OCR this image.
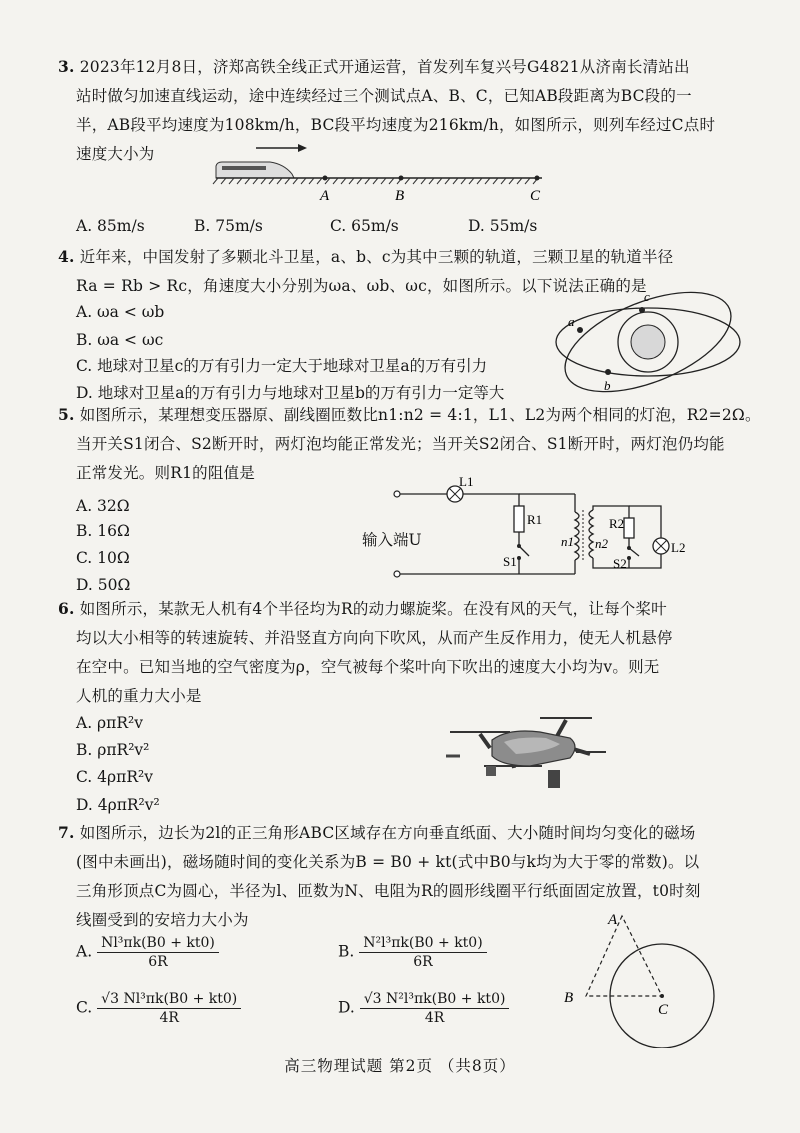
3. 2023年12月8日，济郑高铁全线正式开通运营，首发列车复兴号G4821从济南长清站出
站时做匀加速直线运动，途中连续经过三个测试点A、B、C，已知AB段距离为BC段的一
半，AB段平均速度为108km/h，BC段平均速度为216km/h，如图所示，则列车经过C点时
速度大小为
A	B	C
A. 85m/s	B. 75m/s	C. 65m/s	D. 55m/s
4. 近年来，中国发射了多颗北斗卫星，a、b、c为其中三颗的轨道，三颗卫星的轨道半径
Ra = Rb > Rc，角速度大小分别为ωa、ωb、ωc，如图所示。以下说法正确的是
A. ωa < ωb
B. ωa < ωc
C. 地球对卫星c的万有引力一定大于地球对卫星a的万有引力
D. 地球对卫星a的万有引力与地球对卫星b的万有引力一定等大
a
c
b
5. 如图所示，某理想变压器原、副线圈匝数比n1:n2 = 4:1，L1、L2为两个相同的灯泡，R2=2Ω。
当开关S1闭合、S2断开时，两灯泡均能正常发光；当开关S2闭合、S1断开时，两灯泡仍均能
正常发光。则R1的阻值是
A. 32Ω
B. 16Ω
C. 10Ω
D. 50Ω
L1
R1
S1
n1 n2
R2
S2
L2
输入端U
6. 如图所示，某款无人机有4个半径均为R的动力螺旋桨。在没有风的天气，让每个桨叶
均以大小相等的转速旋转、并沿竖直方向向下吹风，从而产生反作用力，使无人机悬停
在空中。已知当地的空气密度为ρ，空气被每个桨叶向下吹出的速度大小均为v。则无
人机的重力大小是
A. ρπR²v
B. ρπR²v²
C. 4ρπR²v
D. 4ρπR²v²
7. 如图所示，边长为2l的正三角形ABC区域存在方向垂直纸面、大小随时间均匀变化的磁场
(图中未画出)，磁场随时间的变化关系为B = B0 + kt(式中B0与k均为大于零的常数)。以
三角形顶点C为圆心，半径为l、匝数为N、电阻为R的圆形线圈平行纸面固定放置，t0时刻
线圈受到的安培力大小为
A. $\frac{\text{Nl³πk(B0 + kt0)}}{6R}$	B. $\frac{\text{N²l³πk(B0 + kt0)}}{6R}$
C. $\frac{\text{√3 Nl³πk(B0 + kt0)}}{4R}$	D. $\frac{\text{√3 N²l³πk(B0 + kt0)}}{4R}$
A
B
C
高三物理试题 第2页 （共8页）
